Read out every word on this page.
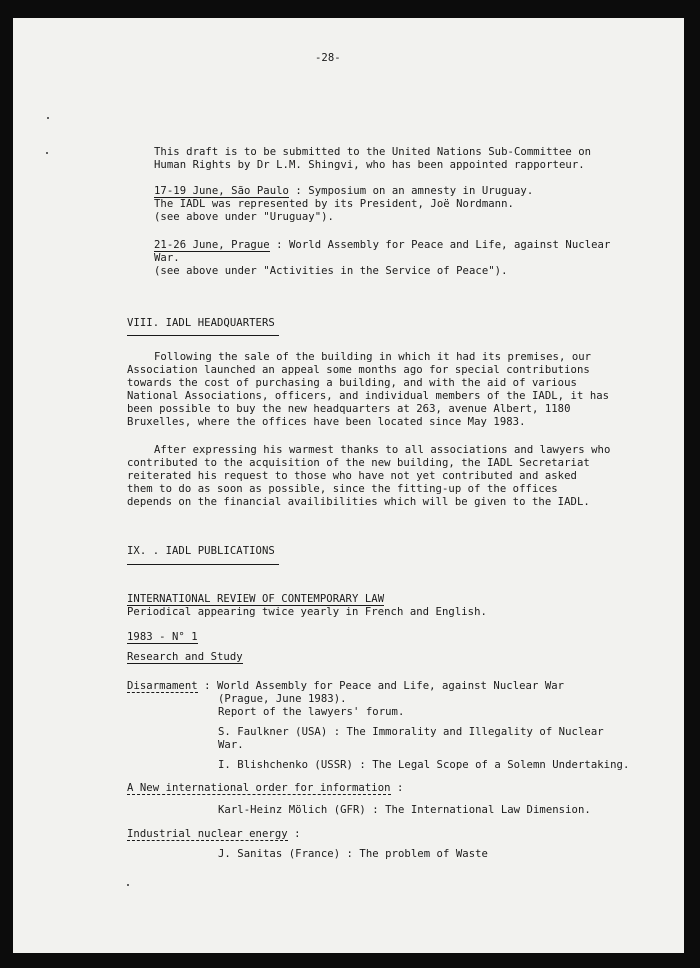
-28-
This draft is to be submitted to the United Nations Sub-Committee on
Human Rights by Dr L.M. Shingvi, who has been appointed rapporteur.
17-19 June, São Paulo : Symposium on an amnesty in Uruguay.
The IADL was represented by its President, Joë Nordmann.
(see above under "Uruguay").
21-26 June, Prague : World Assembly for Peace and Life, against Nuclear
War.
(see above under "Activities in the Service of Peace").
VIII. IADL HEADQUARTERS
Following the sale of the building in which it had its premises, our
Association launched an appeal some months ago for special contributions
towards the cost of purchasing a building, and with the aid of various
National Associations, officers, and individual members of the IADL, it has
been possible to buy the new headquarters at 263, avenue Albert, 1180
Bruxelles, where the offices have been located since May 1983.
After expressing his warmest thanks to all associations and lawyers who
contributed to the acquisition of the new building, the IADL Secretariat
reiterated his request to those who have not yet contributed and asked
them to do as soon as possible, since the fitting-up of the offices
depends on the financial availibilities which will be given to the IADL.
IX. . IADL PUBLICATIONS
INTERNATIONAL REVIEW OF CONTEMPORARY LAW
Periodical appearing twice yearly in French and English.
1983 - N° 1
Research and Study
Disarmament : World Assembly for Peace and Life, against Nuclear War
(Prague, June 1983).
Report of the lawyers' forum.
S. Faulkner (USA) : The Immorality and Illegality of Nuclear
War.
I. Blishchenko (USSR) : The Legal Scope of a Solemn Undertaking.
A New international order for information :
Karl-Heinz Mölich (GFR) : The International Law Dimension.
Industrial nuclear energy :
J. Sanitas (France) : The problem of Waste
